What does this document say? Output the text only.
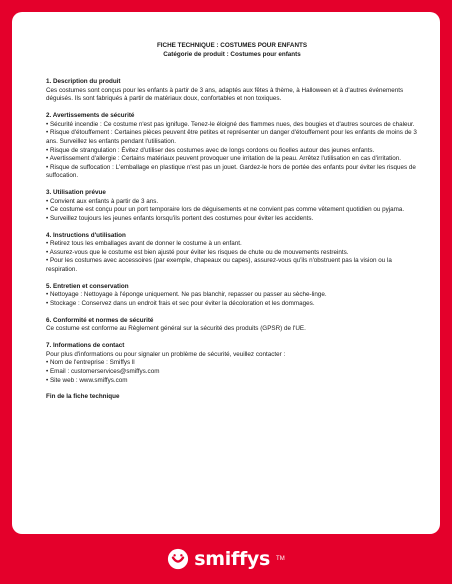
FICHE TECHNIQUE : COSTUMES POUR ENFANTS
Catégorie de produit : Costumes pour enfants
1. Description du produit

Ces costumes sont conçus pour les enfants à partir de 3 ans, adaptés aux fêtes à thème, à Halloween et à d'autres événements déguisés. Ils sont fabriqués à partir de matériaux doux, confortables et non toxiques.

2. Avertissements de sécurité

• Sécurité incendie : Ce costume n'est pas ignifuge. Tenez-le éloigné des flammes nues, des bougies et d'autres sources de chaleur.

• Risque d'étouffement : Certaines pièces peuvent être petites et représenter un danger d'étouffement pour les enfants de moins de 3 ans. Surveillez les enfants pendant l'utilisation.

• Risque de strangulation : Évitez d'utiliser des costumes avec de longs cordons ou ficelles autour des jeunes enfants.

• Avertissement d'allergie : Certains matériaux peuvent provoquer une irritation de la peau. Arrêtez l'utilisation en cas d'irritation.

• Risque de suffocation : L'emballage en plastique n'est pas un jouet. Gardez-le hors de portée des enfants pour éviter les risques de suffocation.

3. Utilisation prévue

• Convient aux enfants à partir de 3 ans.

• Ce costume est conçu pour un port temporaire lors de déguisements et ne convient pas comme vêtement quotidien ou pyjama.

• Surveillez toujours les jeunes enfants lorsqu'ils portent des costumes pour éviter les accidents.

4. Instructions d'utilisation

• Retirez tous les emballages avant de donner le costume à un enfant.

• Assurez-vous que le costume est bien ajusté pour éviter les risques de chute ou de mouvements restreints.

• Pour les costumes avec accessoires (par exemple, chapeaux ou capes), assurez-vous qu'ils n'obstruent pas la vision ou la respiration.

5. Entretien et conservation

• Nettoyage : Nettoyage à l'éponge uniquement. Ne pas blanchir, repasser ou passer au sèche-linge.

• Stockage : Conservez dans un endroit frais et sec pour éviter la décoloration et les dommages.

6. Conformité et normes de sécurité

Ce costume est conforme au Règlement général sur la sécurité des produits (GPSR) de l'UE.

7. Informations de contact

Pour plus d'informations ou pour signaler un problème de sécurité, veuillez contacter :

• Nom de l'entreprise : Smiffys ll

• Email : customerservices@smiffys.com

• Site web : www.smiffys.com

Fin de la fiche technique
smiffys TM
